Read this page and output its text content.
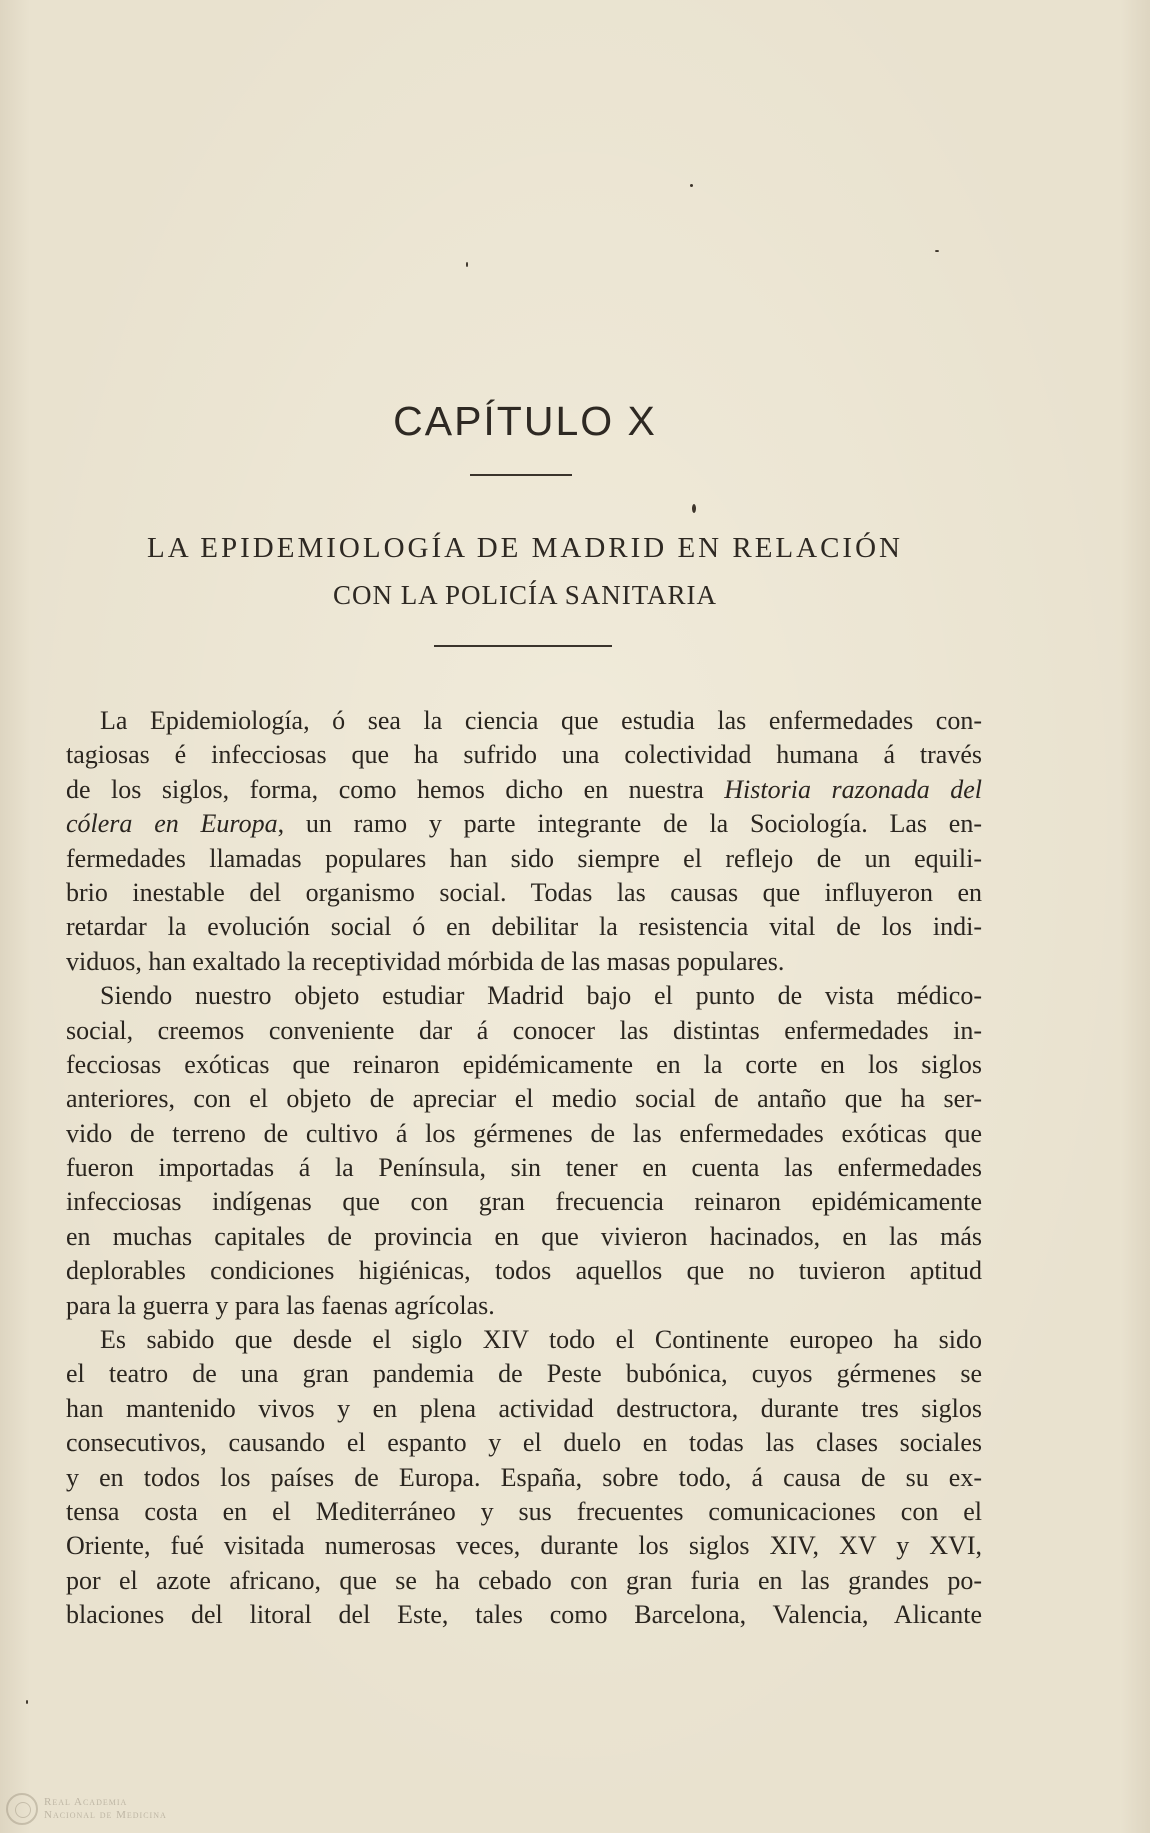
CAPÍTULO X
LA EPIDEMIOLOGÍA DE MADRID EN RELACIÓN
CON LA POLICÍA SANITARIA
La Epidemiología, ó sea la ciencia que estudia las enfermedades con-
tagiosas é infecciosas que ha sufrido una colectividad humana á través
de los siglos, forma, como hemos dicho en nuestra Historia razonada del
cólera en Europa, un ramo y parte integrante de la Sociología. Las en-
fermedades llamadas populares han sido siempre el reflejo de un equili-
brio inestable del organismo social. Todas las causas que influyeron en
retardar la evolución social ó en debilitar la resistencia vital de los indi-
viduos, han exaltado la receptividad mórbida de las masas populares.
Siendo nuestro objeto estudiar Madrid bajo el punto de vista médico-
social, creemos conveniente dar á conocer las distintas enfermedades in-
fecciosas exóticas que reinaron epidémicamente en la corte en los siglos
anteriores, con el objeto de apreciar el medio social de antaño que ha ser-
vido de terreno de cultivo á los gérmenes de las enfermedades exóticas que
fueron importadas á la Península, sin tener en cuenta las enfermedades
infecciosas indígenas que con gran frecuencia reinaron epidémicamente
en muchas capitales de provincia en que vivieron hacinados, en las más
deplorables condiciones higiénicas, todos aquellos que no tuvieron aptitud
para la guerra y para las faenas agrícolas.
Es sabido que desde el siglo XIV todo el Continente europeo ha sido
el teatro de una gran pandemia de Peste bubónica, cuyos gérmenes se
han mantenido vivos y en plena actividad destructora, durante tres siglos
consecutivos, causando el espanto y el duelo en todas las clases sociales
y en todos los países de Europa. España, sobre todo, á causa de su ex-
tensa costa en el Mediterráneo y sus frecuentes comunicaciones con el
Oriente, fué visitada numerosas veces, durante los siglos XIV, XV y XVI,
por el azote africano, que se ha cebado con gran furia en las grandes po-
blaciones del litoral del Este, tales como Barcelona, Valencia, Alicante
Real Academia
Nacional de Medicina
